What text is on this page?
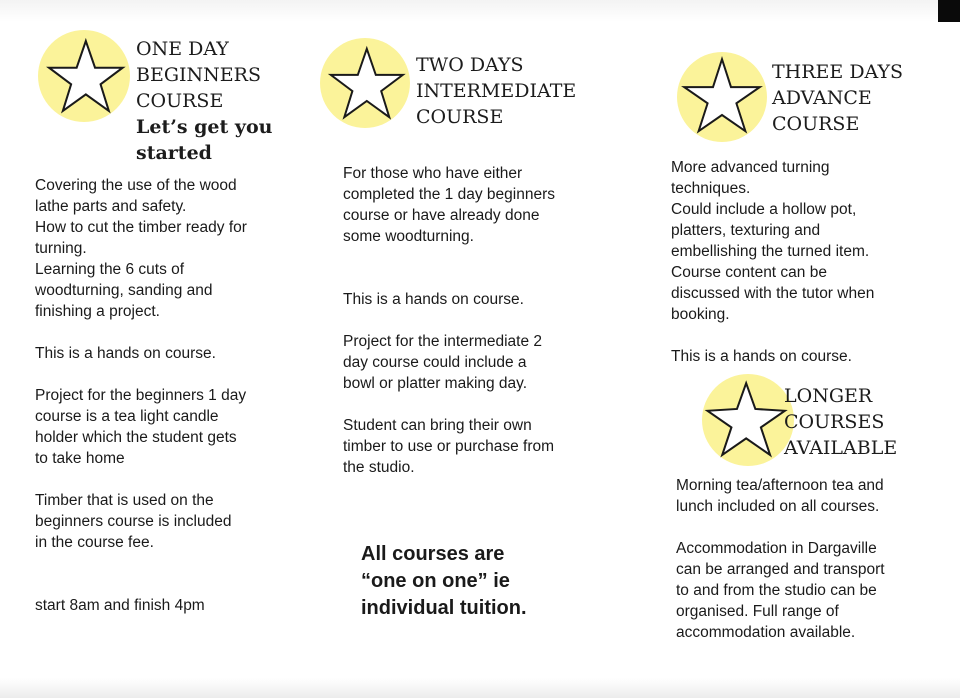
ONE DAY
BEGINNERS
COURSE
Let’s get you
started

Covering the use of the wood

lathe parts and safety.

How to cut the timber ready for

turning.

Learning the 6 cuts of

woodturning, sanding and

finishing a project.

This is a hands on course.

Project for the beginners 1 day

course is a tea light candle

holder which the student gets

to take home

Timber that is used on the

beginners course is included

in the course fee.

start 8am and finish 4pm

TWO DAYS
INTERMEDIATE
COURSE

For those who have either

completed the 1 day beginners

course or have already done

some woodturning.

This is a hands on course.

Project for the intermediate 2

day course could include a

bowl or platter making day.

Student can bring their own

timber to use or purchase from

the studio.

All courses are
“one on one” ie
individual tuition.
THREE DAYS
ADVANCE
COURSE

More advanced turning

techniques.

Could include a hollow pot,

platters, texturing and

embellishing the turned item.

Course content can be

discussed with the tutor when

booking.

This is a hands on course.

LONGER
COURSES
AVAILABLE

Morning tea/afternoon tea and

lunch included on all courses.

Accommodation in Dargaville

can be arranged and transport

to and from the studio can be

organised. Full range of

accommodation available.
